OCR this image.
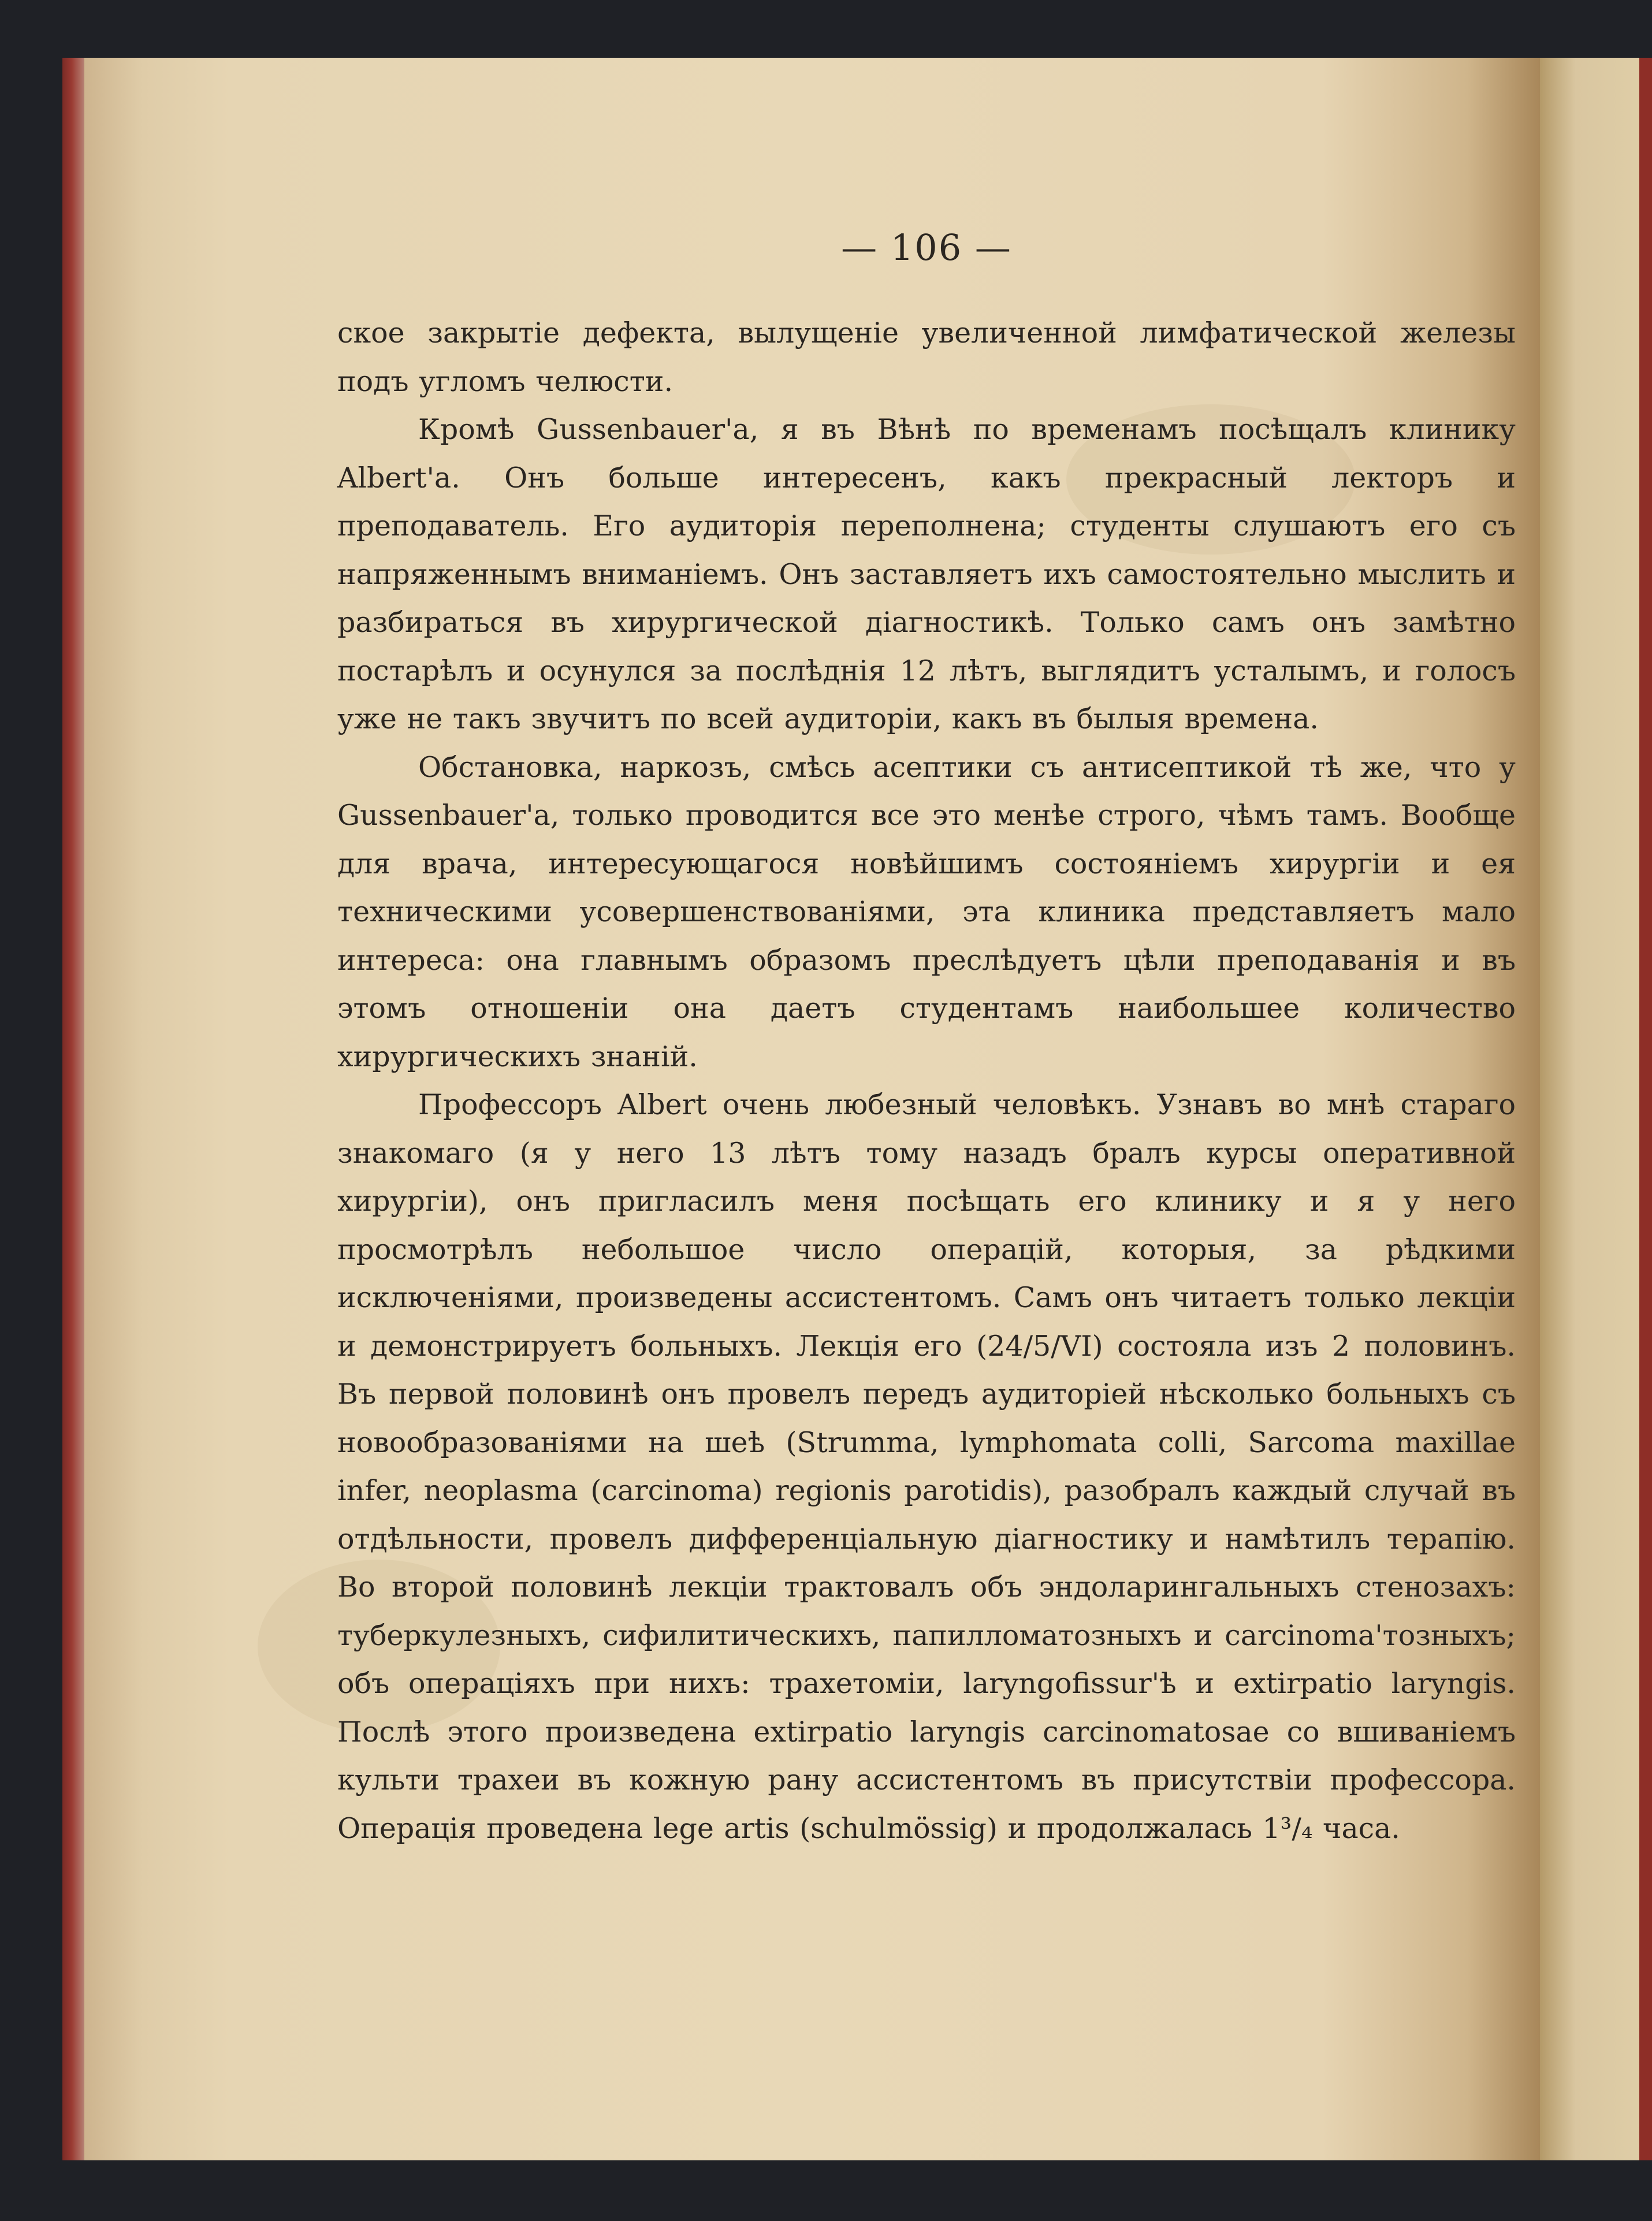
— 106 —

ское закрытіе дефекта, вылущеніе увеличенной лимфатической железы подъ угломъ челюсти.

Кромѣ Gussenbauer'а, я въ Вѣнѣ по временамъ посѣщалъ клинику Albert'а. Онъ больше интересенъ, какъ прекрасный лекторъ и преподаватель. Его аудиторія переполнена; студенты слушаютъ его съ напряженнымъ вниманіемъ. Онъ заставляетъ ихъ самостоятельно мыслить и разбираться въ хирургической діагностикѣ. Только самъ онъ замѣтно постарѣлъ и осунулся за послѣднія 12 лѣтъ, выглядитъ усталымъ, и голосъ уже не такъ звучитъ по всей аудиторіи, какъ въ былыя времена.

Обстановка, наркозъ, смѣсь асептики съ антисептикой тѣ же, что у Gussenbauer'а, только проводится все это менѣе строго, чѣмъ тамъ. Вообще для врача, интересующагося новѣйшимъ состояніемъ хирургіи и ея техническими усовершенствованіями, эта клиника представляетъ мало интереса: она главнымъ образомъ преслѣдуетъ цѣли преподаванія и въ этомъ отношеніи она даетъ студентамъ наибольшее количество хирургическихъ знаній.

Профессоръ Albert очень любезный человѣкъ. Узнавъ во мнѣ стараго знакомаго (я у него 13 лѣтъ тому назадъ бралъ курсы оперативной хирургіи), онъ пригласилъ меня посѣщать его клинику и я у него просмотрѣлъ небольшое число операцій, которыя, за рѣдкими исключеніями, произведены ассистентомъ. Самъ онъ читаетъ только лекціи и демонстрируетъ больныхъ. Лекція его (24/5/VI) состояла изъ 2 половинъ. Въ первой половинѣ онъ провелъ передъ аудиторіей нѣсколько больныхъ съ новообразованіями на шеѣ (Strumma, lymphomata colli, Sarcoma maxillae infer, neoplasma (carcinoma) regionis parotidis), разобралъ каждый случай въ отдѣльности, провелъ дифференціальную діагностику и намѣтилъ терапію. Во второй половинѣ лекціи трактовалъ объ эндоларингальныхъ стенозахъ: туберкулезныхъ, сифилитическихъ, папилломатозныхъ и carcinoma'тозныхъ; объ операціяхъ при нихъ: трахетоміи, laryngofissur'ѣ и extirpatio laryngis. Послѣ этого произведена extirpatio laryngis carcinomatosae со вшиваніемъ культи трахеи въ кожную рану ассистентомъ въ присутствіи профессора. Операція проведена lege artis (schulmössig) и продолжалась 1³/₄ часа.
